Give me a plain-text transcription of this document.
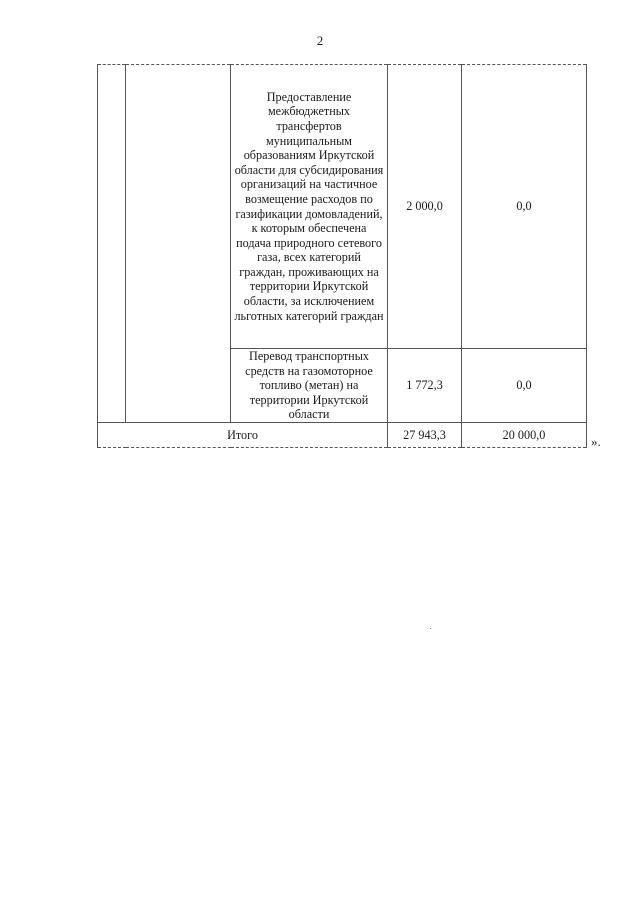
2
		Предоставление межбюджетных трансфертов муниципальным образованиям Иркутской области для субсидирования организаций на частичное возмещение расходов по газификации домовладений, к которым обеспечена подача природного сетевого газа, всех категорий граждан, проживающих на территории Иркутской области, за исключением льготных категорий граждан	2 000,0	0,0
		Перевод транспортных средств на газомоторное топливо (метан) на территории Иркутской области	1 772,3	0,0
Итого			27 943,3	20 000,0	».
